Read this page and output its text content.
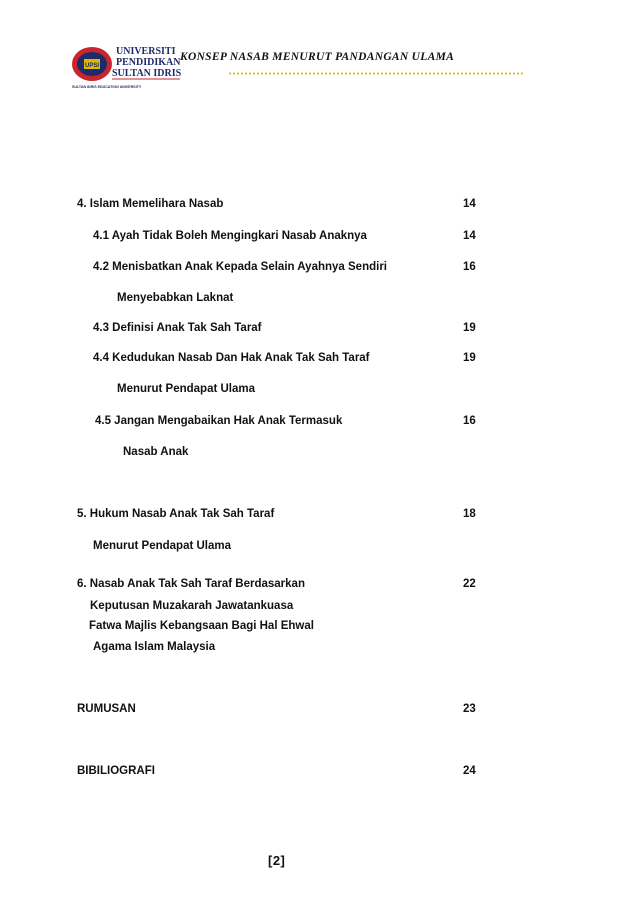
UPSI
UNIVERSITI
PENDIDIKAN
SULTAN IDRIS
SULTAN IDRIS EDUCATION UNIVERSITY
KONSEP NASAB MENURUT PANDANGAN ULAMA
4. Islam Memelihara Nasab	14
4.1 Ayah Tidak Boleh Mengingkari Nasab Anaknya	14
4.2 Menisbatkan Anak Kepada Selain Ayahnya Sendiri	16
Menyebabkan Laknat
4.3 Definisi Anak Tak Sah Taraf	19
4.4 Kedudukan Nasab Dan Hak Anak Tak Sah Taraf	19
Menurut Pendapat Ulama
4.5 Jangan Mengabaikan Hak Anak Termasuk	16
Nasab Anak
5. Hukum Nasab Anak Tak Sah Taraf	18
Menurut Pendapat Ulama
6. Nasab Anak Tak Sah Taraf Berdasarkan	22
Keputusan Muzakarah Jawatankuasa
Fatwa Majlis Kebangsaan Bagi Hal Ehwal
Agama Islam Malaysia
RUMUSAN	23
BIBILIOGRAFI	24
[2]
